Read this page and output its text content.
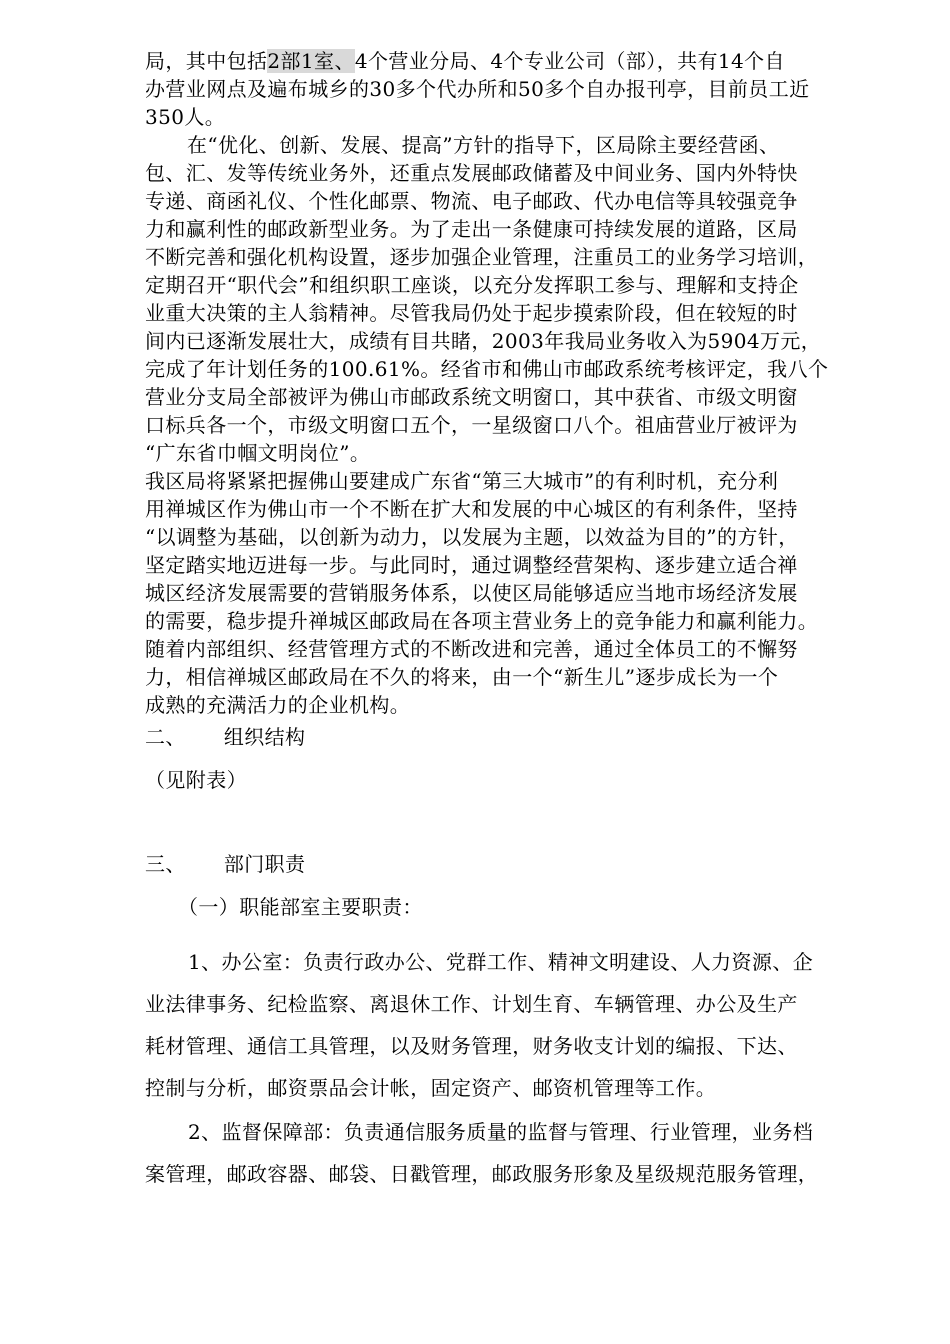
局，其中包括2部1室、4个营业分局、4个专业公司（部），共有14个自
办营业网点及遍布城乡的30多个代办所和50多个自办报刊亭，目前员工近
350人。
在“优化、创新、发展、提高”方针的指导下，区局除主要经营函、
包、汇、发等传统业务外，还重点发展邮政储蓄及中间业务、国内外特快
专递、商函礼仪、个性化邮票、物流、电子邮政、代办电信等具较强竞争
力和赢利性的邮政新型业务。为了走出一条健康可持续发展的道路，区局
不断完善和强化机构设置，逐步加强企业管理，注重员工的业务学习培训，
定期召开“职代会”和组织职工座谈，以充分发挥职工参与、理解和支持企
业重大决策的主人翁精神。尽管我局仍处于起步摸索阶段，但在较短的时
间内已逐渐发展壮大，成绩有目共睹，2003年我局业务收入为5904万元，
完成了年计划任务的100.61%。经省市和佛山市邮政系统考核评定，我八个
营业分支局全部被评为佛山市邮政系统文明窗口，其中获省、市级文明窗
口标兵各一个，市级文明窗口五个，一星级窗口八个。祖庙营业厅被评为
“广东省巾帼文明岗位”。
我区局将紧紧把握佛山要建成广东省“第三大城市”的有利时机，充分利
用禅城区作为佛山市一个不断在扩大和发展的中心城区的有利条件，坚持
“以调整为基础，以创新为动力，以发展为主题，以效益为目的”的方针，
坚定踏实地迈进每一步。与此同时，通过调整经营架构、逐步建立适合禅
城区经济发展需要的营销服务体系，以使区局能够适应当地市场经济发展
的需要，稳步提升禅城区邮政局在各项主营业务上的竞争能力和赢利能力。
随着内部组织、经营管理方式的不断改进和完善，通过全体员工的不懈努
力，相信禅城区邮政局在不久的将来，由一个“新生儿”逐步成长为一个
成熟的充满活力的企业机构。
二、 组织结构
（见附表）
三、 部门职责
（一）职能部室主要职责：
1、办公室：负责行政办公、党群工作、精神文明建设、人力资源、企
业法律事务、纪检监察、离退休工作、计划生育、车辆管理、办公及生产
耗材管理、通信工具管理，以及财务管理，财务收支计划的编报、下达、
控制与分析，邮资票品会计帐，固定资产、邮资机管理等工作。
2、监督保障部：负责通信服务质量的监督与管理、行业管理，业务档
案管理，邮政容器、邮袋、日戳管理，邮政服务形象及星级规范服务管理，
